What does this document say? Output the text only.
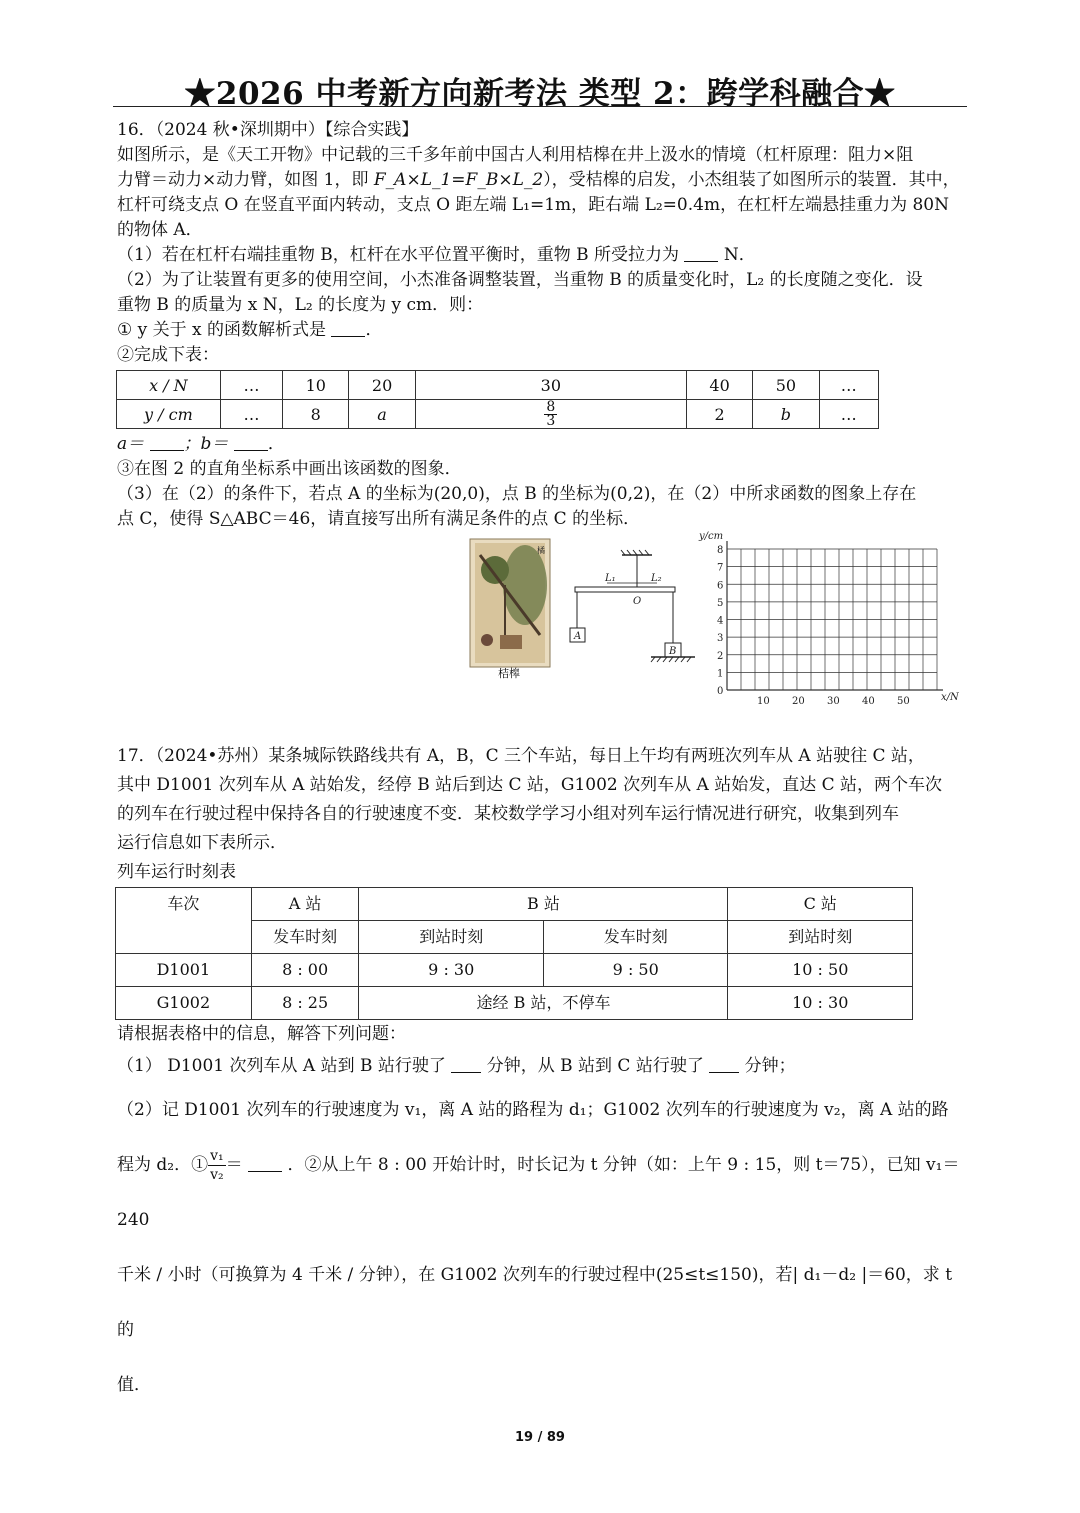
★2026 中考新方向新考法 类型 2：跨学科融合★

16．（2024 秋•深圳期中）【综合实践】

如图所示，是《天工开物》中记载的三千多年前中国古人利用桔槔在井上汲水的情境（杠杆原理：阻力×阻

力臂＝动力×动力臂，如图 1，即 F_A×L_1=F_B×L_2），受桔槔的启发，小杰组装了如图所示的装置．其中，

杠杆可绕支点 O 在竖直平面内转动，支点 O 距左端 L₁=1m，距右端 L₂=0.4m，在杠杆左端悬挂重力为 80N

的物体 A．

（1）若在杠杆右端挂重物 B，杠杆在水平位置平衡时，重物 B 所受拉力为	N．

（2）为了让装置有更多的使用空间，小杰准备调整装置，当重物 B 的质量变化时，L₂ 的长度随之变化．设

重物 B 的质量为 x N，L₂ 的长度为 y cm．则：

① y 关于 x 的函数解析式是 ．

②完成下表：

x / N	…	10	20	30	40	50	…
y / cm	…	8	a	$\frac{8}{3}$	2	b	…

a＝ ；b＝ ．

③在图 2 的直角坐标系中画出该函数的图象．

（3）在（2）的条件下，若点 A 的坐标为(20,0)，点 B 的坐标为(0,2)，在（2）中所求函数的图象上存在

点 C，使得 S△ABC＝46，请直接写出所有满足条件的点 C 的坐标．

橘
桔槔
L₁	L₂
O
A
B
y/cm
x/N
8
7
6
5
4
3
2
1
0
10 20 30 40 50

17．（2024•苏州）某条城际铁路线共有 A，B，C 三个车站，每日上午均有两班次列车从 A 站驶往 C 站，

其中 D1001 次列车从 A 站始发，经停 B 站后到达 C 站，G1002 次列车从 A 站始发，直达 C 站，两个车次

的列车在行驶过程中保持各自的行驶速度不变．某校数学学习小组对列车运行情况进行研究，收集到列车

运行信息如下表所示．

列车运行时刻表

车次	A 站	B 站		C 站
	发车时刻	到站时刻	发车时刻	到站时刻
D1001	8 : 00	9 : 30	9 : 50	10 : 50
G1002	8 : 25	途经 B 站，不停车		10 : 30

请根据表格中的信息，解答下列问题：

（1） D1001 次列车从 A 站到 B 站行驶了 分钟，从 B 站到 C 站行驶了 分钟；

（2）记 D1001 次列车的行驶速度为 v₁，离 A 站的路程为 d₁；G1002 次列车的行驶速度为 v₂，离 A 站的路

程为 d₂．① $\frac{\text{v₁}}{\text{v₂}}$ ＝	．②从上午 8 : 00 开始计时，时长记为 t 分钟（如：上午 9 : 15，则 t＝75），已知 v₁＝240

千米 / 小时（可换算为 4 千米 / 分钟），在 G1002 次列车的行驶过程中(25≤t≤150)，若| d₁－d₂ |＝60，求 t 的

值．

19 / 89
